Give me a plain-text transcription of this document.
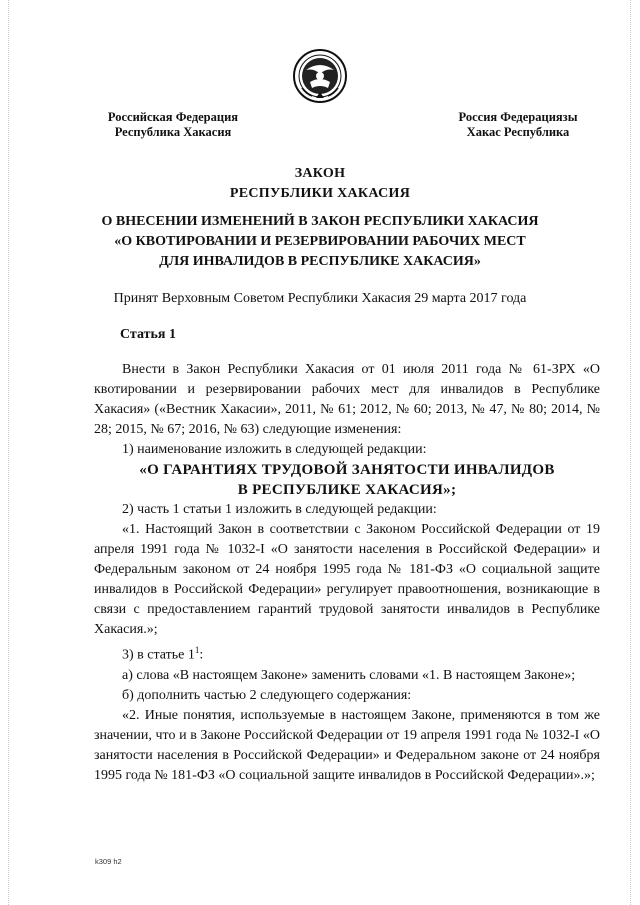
Российская Федерация
Республика Хакасия
Россия Федерациязы
Хакас Республика
ЗАКОН
РЕСПУБЛИКИ ХАКАСИЯ
О ВНЕСЕНИИ ИЗМЕНЕНИЙ В ЗАКОН РЕСПУБЛИКИ ХАКАСИЯ
«О КВОТИРОВАНИИ И РЕЗЕРВИРОВАНИИ РАБОЧИХ МЕСТ
ДЛЯ ИНВАЛИДОВ В РЕСПУБЛИКЕ ХАКАСИЯ»
Принят Верховным Советом Республики Хакасия 29 марта 2017 года
Статья 1

Внести в Закон Республики Хакасия от 01 июля 2011 года № 61-ЗРХ «О квотировании и резервировании рабочих мест для инвалидов в Республике Хакасия» («Вестник Хакасии», 2011, № 61; 2012, № 60; 2013, № 47, № 80; 2014, № 28; 2015, № 67; 2016, № 63) следующие изменения:

1) наименование изложить в следующей редакции:

«О ГАРАНТИЯХ ТРУДОВОЙ ЗАНЯТОСТИ ИНВАЛИДОВ

В РЕСПУБЛИКЕ ХАКАСИЯ»;

2) часть 1 статьи 1 изложить в следующей редакции:

«1. Настоящий Закон в соответствии с Законом Российской Федерации от 19 апреля 1991 года № 1032-I «О занятости населения в Российской Федерации» и Федеральным законом от 24 ноября 1995 года № 181-ФЗ «О социальной защите инвалидов в Российской Федерации» регулирует правоотношения, возникающие в связи с предоставлением гарантий трудовой занятости инвалидов в Республике Хакасия.»;

3) в статье $1^1$:

а) слова «В настоящем Законе» заменить словами «1. В настоящем Законе»;

б) дополнить частью 2 следующего содержания:

«2. Иные понятия, используемые в настоящем Законе, применяются в том же значении, что и в Законе Российской Федерации от 19 апреля 1991 года № 1032-I «О занятости населения в Российской Федерации» и Федеральном законе от 24 ноября 1995 года № 181-ФЗ «О социальной защите инвалидов в Российской Федерации».»;

k309 h2
